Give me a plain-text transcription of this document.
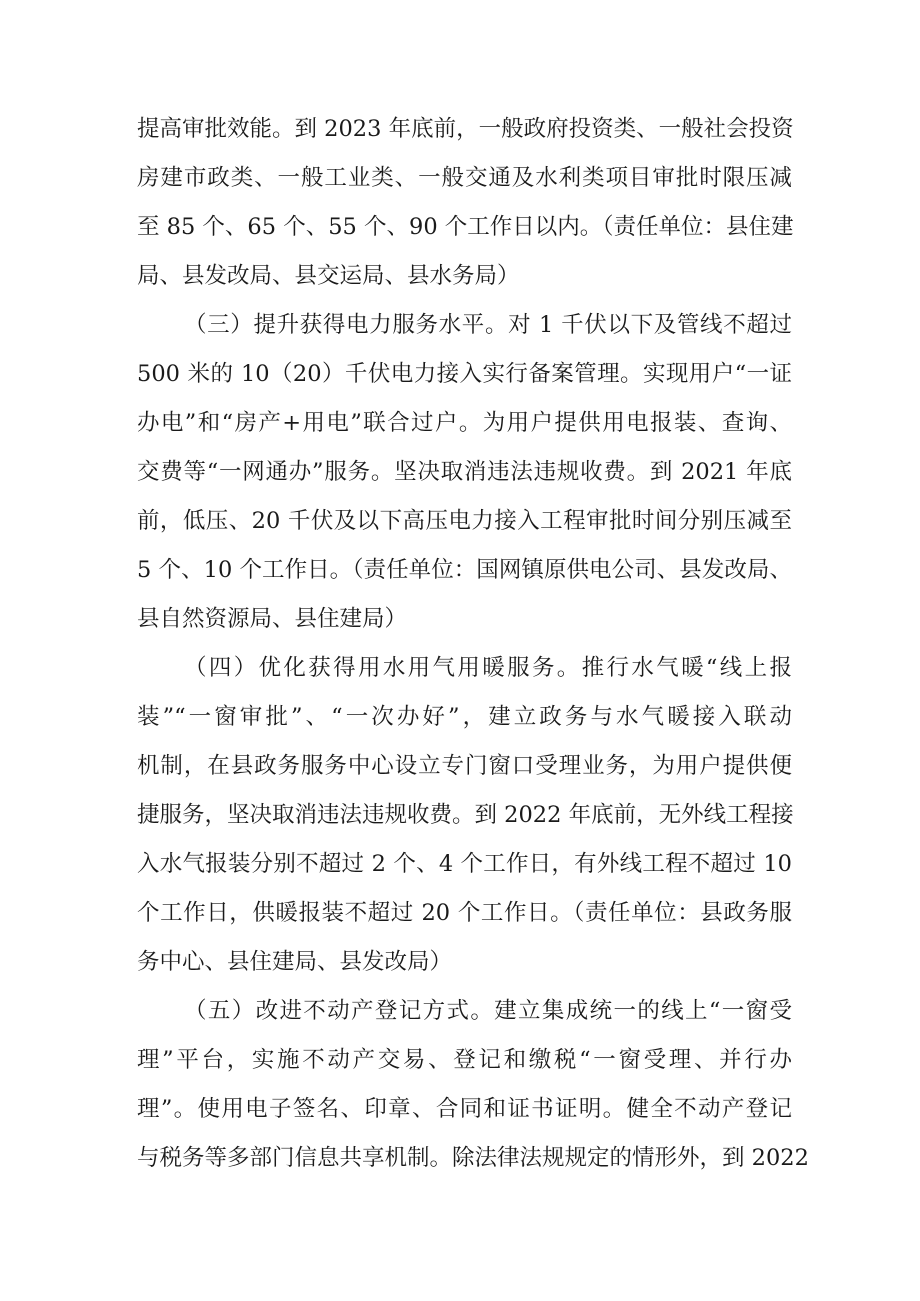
提高审批效能。到 2023 年底前，一般政府投资类、一般社会投资

房建市政类、一般工业类、一般交通及水利类项目审批时限压减

至 85 个、65 个、55 个、90 个工作日以内。（责任单位：县住建

局、县发改局、县交运局、县水务局）

（三）提升获得电力服务水平。对 1 千伏以下及管线不超过

500 米的 10（20）千伏电力接入实行备案管理。实现用户“一证

办电”和“房产+用电”联合过户。为用户提供用电报装、查询、

交费等“一网通办”服务。坚决取消违法违规收费。到 2021 年底

前，低压、20 千伏及以下高压电力接入工程审批时间分别压减至

5 个、10 个工作日。（责任单位：国网镇原供电公司、县发改局、

县自然资源局、县住建局）

（四）优化获得用水用气用暖服务。推行水气暖“线上报

装”“一窗审批”、“一次办好”，建立政务与水气暖接入联动

机制，在县政务服务中心设立专门窗口受理业务，为用户提供便

捷服务，坚决取消违法违规收费。到 2022 年底前，无外线工程接

入水气报装分别不超过 2 个、4 个工作日，有外线工程不超过 10

个工作日，供暖报装不超过 20 个工作日。（责任单位：县政务服

务中心、县住建局、县发改局）

（五）改进不动产登记方式。建立集成统一的线上“一窗受

理”平台，实施不动产交易、登记和缴税“一窗受理、并行办

理”。使用电子签名、印章、合同和证书证明。健全不动产登记

与税务等多部门信息共享机制。除法律法规规定的情形外，到 2022
